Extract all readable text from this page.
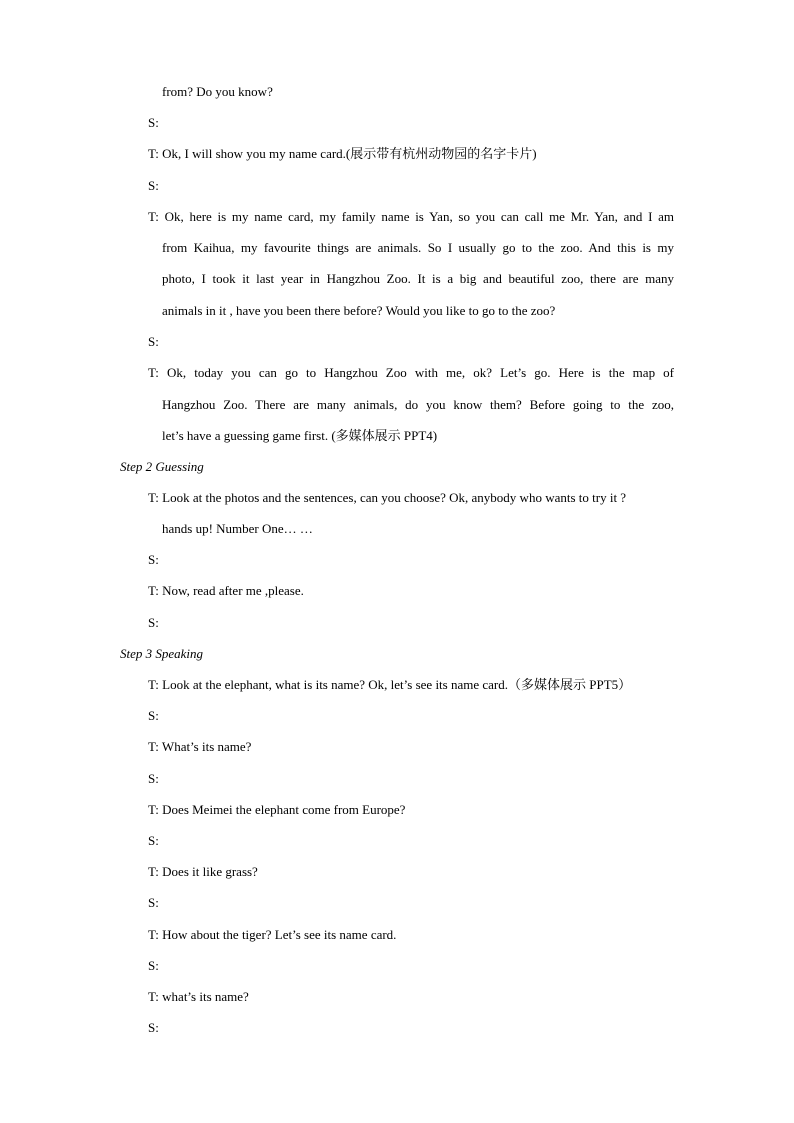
from? Do you know?
S:
T: Ok, I will show you my name card.(展示带有杭州动物园的名字卡片)
S:
T: Ok, here is my name card, my family name is Yan, so you can call me Mr. Yan, and I am
from Kaihua, my favourite things are animals. So I usually go to the zoo. And this is my
photo, I took it last year in Hangzhou Zoo. It is a big and beautiful zoo, there are many
animals in it , have you been there before? Would you like to go to the zoo?
S:
T: Ok, today you can go to Hangzhou Zoo with me, ok? Let’s go. Here is the map of
Hangzhou Zoo. There are many animals, do you know them? Before going to the zoo,
let’s have a guessing game first. (多媒体展示 PPT4)
Step 2 Guessing
T: Look at the photos and the sentences, can you choose? Ok, anybody who wants to try it ?
hands up! Number One… …
S:
T: Now, read after me ,please.
S:
Step 3 Speaking
T: Look at the elephant, what is its name? Ok, let’s see its name card.（多媒体展示 PPT5）
S:
T: What’s its name?
S:
T: Does Meimei the elephant come from Europe?
S:
T: Does it like grass?
S:
T: How about the tiger? Let’s see its name card.
S:
T: what’s its name?
S:
